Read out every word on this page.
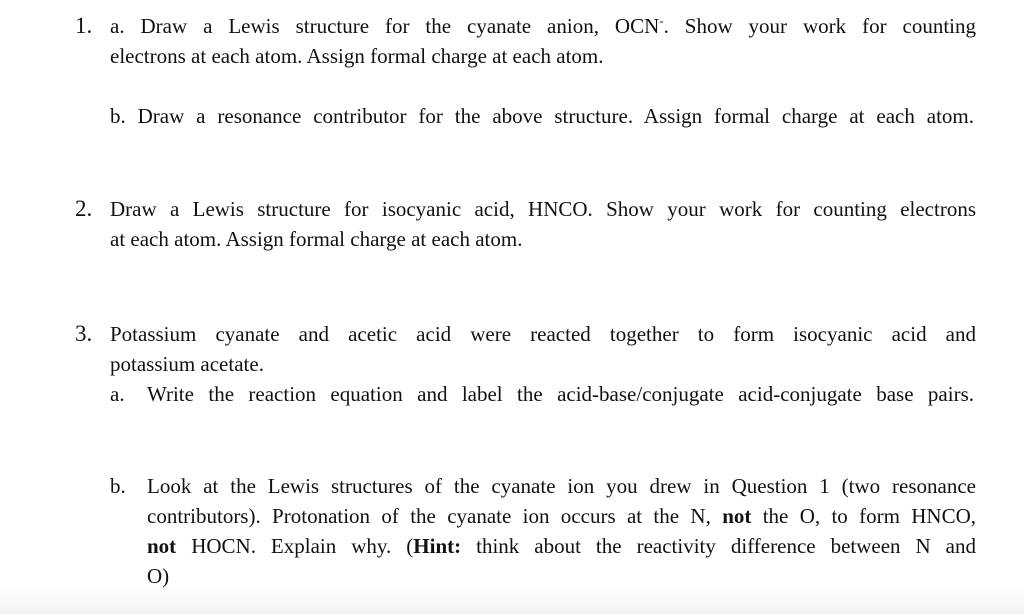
1. a. Draw a Lewis structure for the cyanate anion, OCN-. Show your work for counting
electrons at each atom. Assign formal charge at each atom.
b. Draw a resonance contributor for the above structure. Assign formal charge at each atom.
2. Draw a Lewis structure for isocyanic acid, HNCO. Show your work for counting electrons
at each atom. Assign formal charge at each atom.
3. Potassium cyanate and acetic acid were reacted together to form isocyanic acid and
potassium acetate.
a. Write the reaction equation and label the acid-base/conjugate acid-conjugate base pairs.
b. Look at the Lewis structures of the cyanate ion you drew in Question 1 (two resonance
contributors). Protonation of the cyanate ion occurs at the N, not the O, to form HNCO,
not HOCN. Explain why. (Hint: think about the reactivity difference between N and
O)
